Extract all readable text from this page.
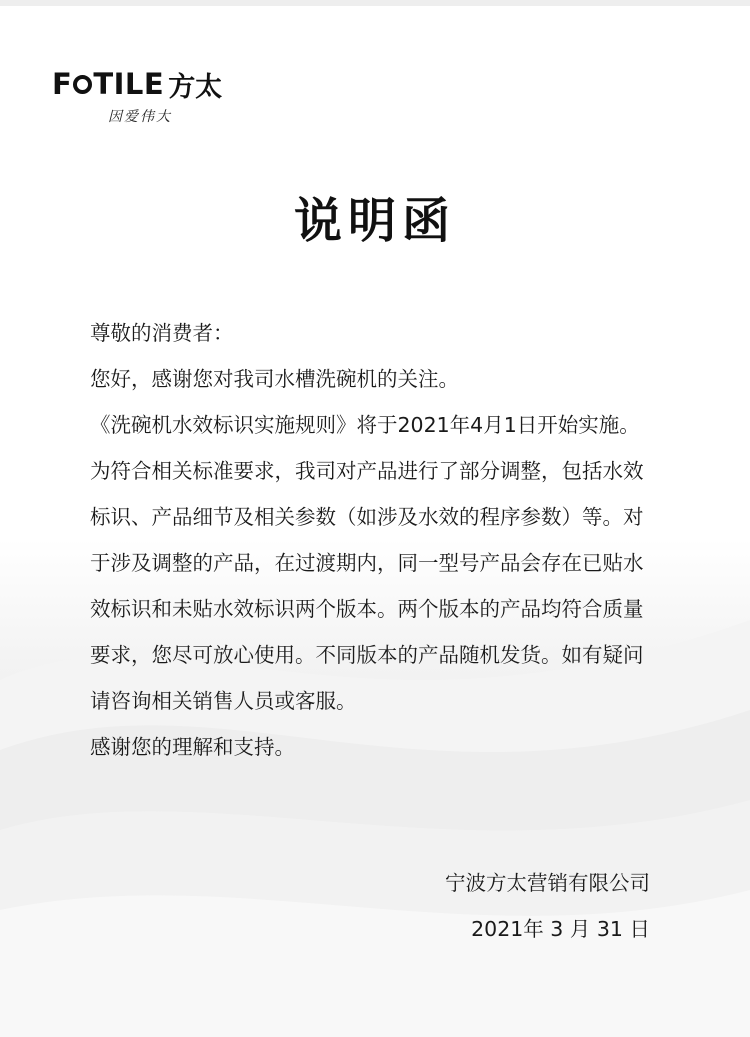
F TILE 方太
因爱伟大
说明函

尊敬的消费者：

您好，感谢您对我司水槽洗碗机的关注。

《洗碗机水效标识实施规则》将于2021年4月1日开始实施。为符合相关标准要求，我司对产品进行了部分调整，包括水效标识、产品细节及相关参数（如涉及水效的程序参数）等。对于涉及调整的产品，在过渡期内，同一型号产品会存在已贴水效标识和未贴水效标识两个版本。两个版本的产品均符合质量要求，您尽可放心使用。不同版本的产品随机发货。如有疑问请咨询相关销售人员或客服。

感谢您的理解和支持。

宁波方太营销有限公司
2021年 3 月 31 日
